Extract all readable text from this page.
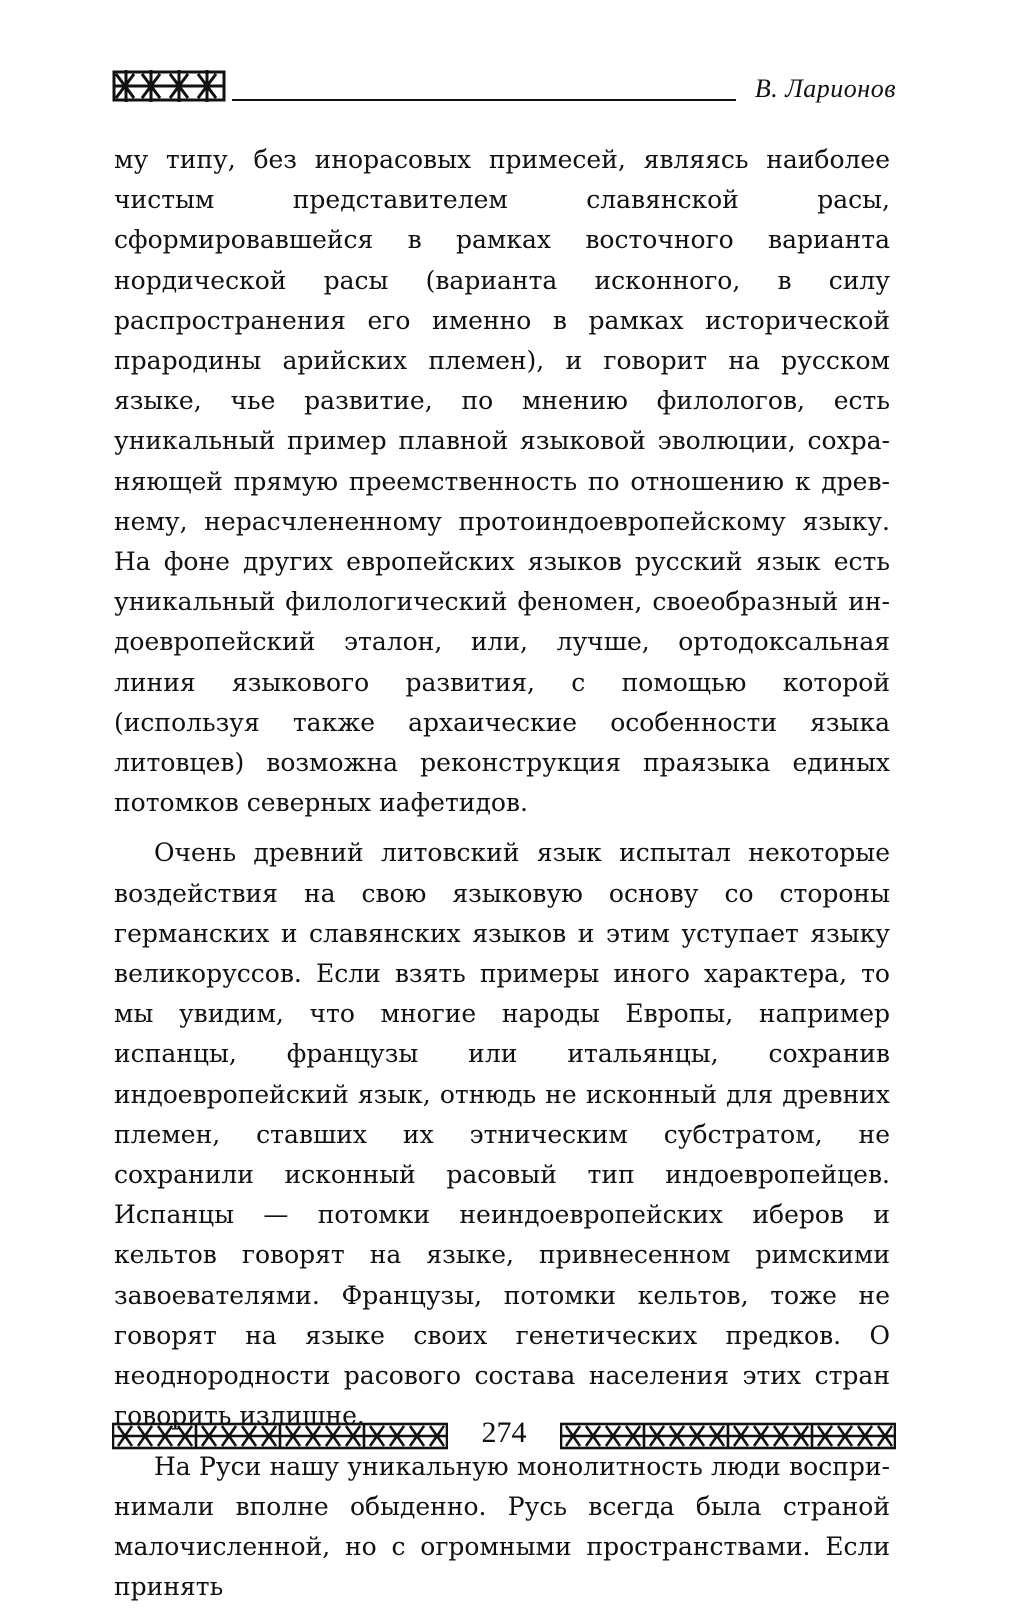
В. Ларионов

му типу, без инорасовых примесей, являясь наиболее чистым представителем славянской расы, сформировавшейся в рамках восточного варианта нордической расы (варианта исконного, в силу распространения его именно в рамках исторической прародины арийских племен), и говорит на русском языке, чье развитие, по мнению филологов, есть уникальный пример плавной языковой эволюции, сохраняющей прямую преемственность по отношению к древнему, нерасчлененному протоиндоевропейскому языку. На фоне других европейских языков русский язык есть уникальный филологический феномен, своеобразный индоевропейский эталон, или, лучше, ортодоксальная линия языкового развития, с помощью которой (используя также архаические особенности языка литовцев) возможна реконструкция праязыка единых потомков северных иафетидов.

Очень древний литовский язык испытал некоторые воздействия на свою языковую основу со стороны германских и славянских языков и этим уступает языку великоруссов. Если взять примеры иного характера, то мы увидим, что многие народы Европы, например испанцы, французы или итальянцы, сохранив индоевропейский язык, отнюдь не исконный для древних племен, ставших их этническим субстратом, не сохранили исконный расовый тип индоевропейцев. Испанцы — потомки неиндоевропейских иберов и кельтов говорят на языке, привнесенном римскими завоевателями. Французы, потомки кельтов, тоже не говорят на языке своих генетических предков. О неоднородности расового состава населения этих стран говорить излишне.

На Руси нашу уникальную монолитность люди воспринимали вполне обыденно. Русь всегда была страной малочисленной, но с огромными пространствами. Если принять

274
